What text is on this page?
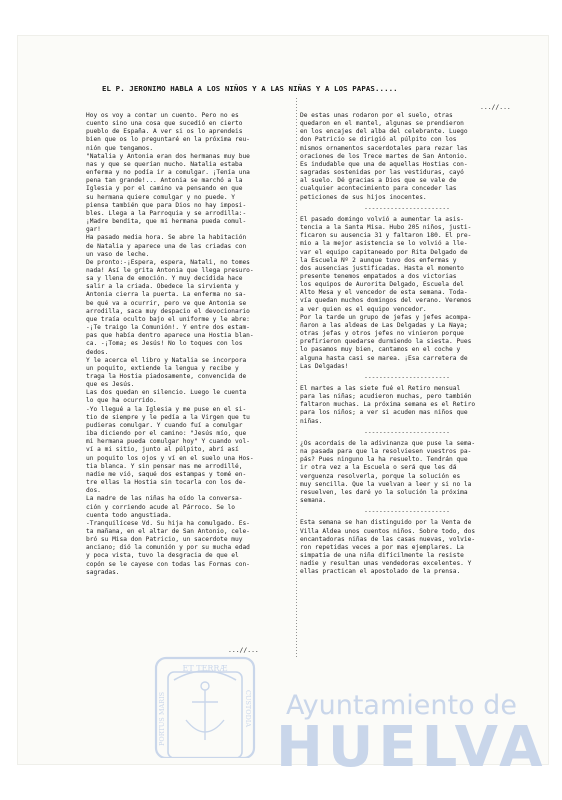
EL P. JERONIMO HABLA A LOS NIÑOS Y A LAS NIÑAS Y A LOS PAPAS.....
...//...

Hoy os voy a contar un cuento. Pero no es

cuento sino una cosa que sucedió en cierto

pueblo de España. A ver si os lo aprendeis

bien que os lo preguntaré en la próxima reu-

nión que tengamos.

"Natalia y Antonia eran dos hermanas muy bue

nas y que se querían mucho. Natalia estaba

enferma y no podía ir a comulgar. ¡Tenía una

pena tan grande!... Antonia se marchó a la

Iglesia y por el camino va pensando en que

su hermana quiere comulgar y no puede. Y

piensa también que para Dios no hay imposi-

bles. Llega a la Parroquia y se arrodilla:-

¡Madre bendita, que mi hermana pueda comul-

gar!

Ha pasado media hora. Se abre la habitación

de Natalia y aparece una de las criadas con

un vaso de leche.

De pronto:-¡Espera, espera, Natali, no tomes

nada! Así le grita Antonia que llega presuro-

sa y llena de emoción. Y muy decidida hace

salir a la criada. Obedece la sirvienta y

Antonia cierra la puerta. La enferma no sa-

be qué va a ocurrir, pero ve que Antonia se

arrodilla, saca muy despacio el devocionario

que traía oculto bajo el uniforme y le abre:

-¡Te traigo la Comunión!. Y entre dos estam-

pas que había dentro aparece una Hostia blan-

ca. -¡Toma; es Jesús! No lo toques con los

dedos.

Y le acerca el libro y Natalia se incorpora

un poquito, extiende la lengua y recibe y

traga la Hostia piadosamente, convencida de

que es Jesús.

Las dos quedan en silencio. Luego le cuenta

lo que ha ocurrido.

-Yo llegué a la Iglesia y me puse en el si-

tio de siempre y le pedía a la Virgen que tu

pudieras comulgar. Y cuando fuí a comulgar

iba diciendo por el camino: "Jesús mío, que

mi hermana pueda comulgar hoy" Y cuando vol-

ví a mi sitio, junto al púlpito, abrí así

un poquito los ojos y ví en el suelo una Hos-

tia blanca. Y sin pensar mas me arrodillé,

nadie me vió, saqué dos estampas y tomé en-

tre ellas la Hostia sin tocarla con los de-

dos.

La madre de las niñas ha oído la conversa-

ción y corriendo acude al Párroco. Se lo

cuenta todo angustiada.

-Tranquilícese Vd. Su hija ha comulgado. Es-

ta mañana, en el altar de San Antonio, cele-

bró su Misa don Patricio, un sacerdote muy

anciano; dió la comunión y por su mucha edad

y poca vista, tuvo la desgracia de que el

copón se le cayese con todas las Formas con-

sagradas.

De estas unas rodaron por el suelo, otras

quedaron en el mantel, algunas se prendieron

en los encajes del alba del celebrante. Luego

don Patricio se dirigió al púlpito con los

mismos ornamentos sacerdotales para rezar las

oraciones de los Trece martes de San Antonio.

Es indudable que una de aquellas Hostias con-

sagradas sostenidas por las vestiduras, cayó

al suelo. Dé gracias a Dios que se vale de

cualquier acontecimiento para conceder las

peticiones de sus hijos inocentes.

-----------------------

El pasado domingo volvió a aumentar la asis-

tencia a la Santa Misa. Hubo 205 niños, justi-

ficaron su ausencia 31 y faltaron 180. El pre-

mio a la mejor asistencia se lo volvió a lle-

var el equipo capitaneado por Rita Delgado de

la Escuela Nº 2 aunque tuvo dos enfermas y

dos ausencias justificadas. Hasta el momento

presente tenemos empatados a dos victorias

los equipos de Aurorita Delgado, Escuela del

Alto Mesa y el vencedor de esta semana. Toda-

vía quedan muchos domingos del verano. Veremos

a ver quien es el equipo vencedor.

Por la tarde un grupo de jefas y jefes acompa-

ñaron a las aldeas de Las Delgadas y La Naya;

otras jefas y otros jefes no vinieron porque

prefirieron quedarse durmiendo la siesta. Pues

lo pasamos muy bien, cantamos en el coche y

alguna hasta casi se marea. ¡Esa carretera de

Las Delgadas!

-----------------------

El martes a las siete fué el Retiro mensual

para las niñas; acudieron muchas, pero también

faltaron muchas. La próxima semana es el Retiro

para los niños; a ver si acuden mas niños que

niñas.

-----------------------

¿Os acordais de la adivinanza que puse la sema-

na pasada para que la resolviesen vuestros pa-

pás? Pues ninguno la ha resuelto. Tendrán que

ir otra vez a la Escuela o será que les dá

verguenza resolverla, porque la solución es

muy sencilla. Que la vuelvan a leer y si no la

resuelven, les daré yo la solución la próxima

semana.

-----------------------

Esta semana se han distinguido por la Venta de

Villa Aldea unos cuentos niños. Sobre todo, dos

encantadoras niñas de las casas nuevas, volvie-

ron repetidas veces a por mas ejemplares. La

simpatía de una niña difícilmente la resiste

nadie y resultan unas vendedoras excelentes. Y

ellas practican el apostolado de la prensa.

...//...
ET TERRÆ
PORTUS MARIS	CUSTODIA Ayuntamiento de
HUELVA
